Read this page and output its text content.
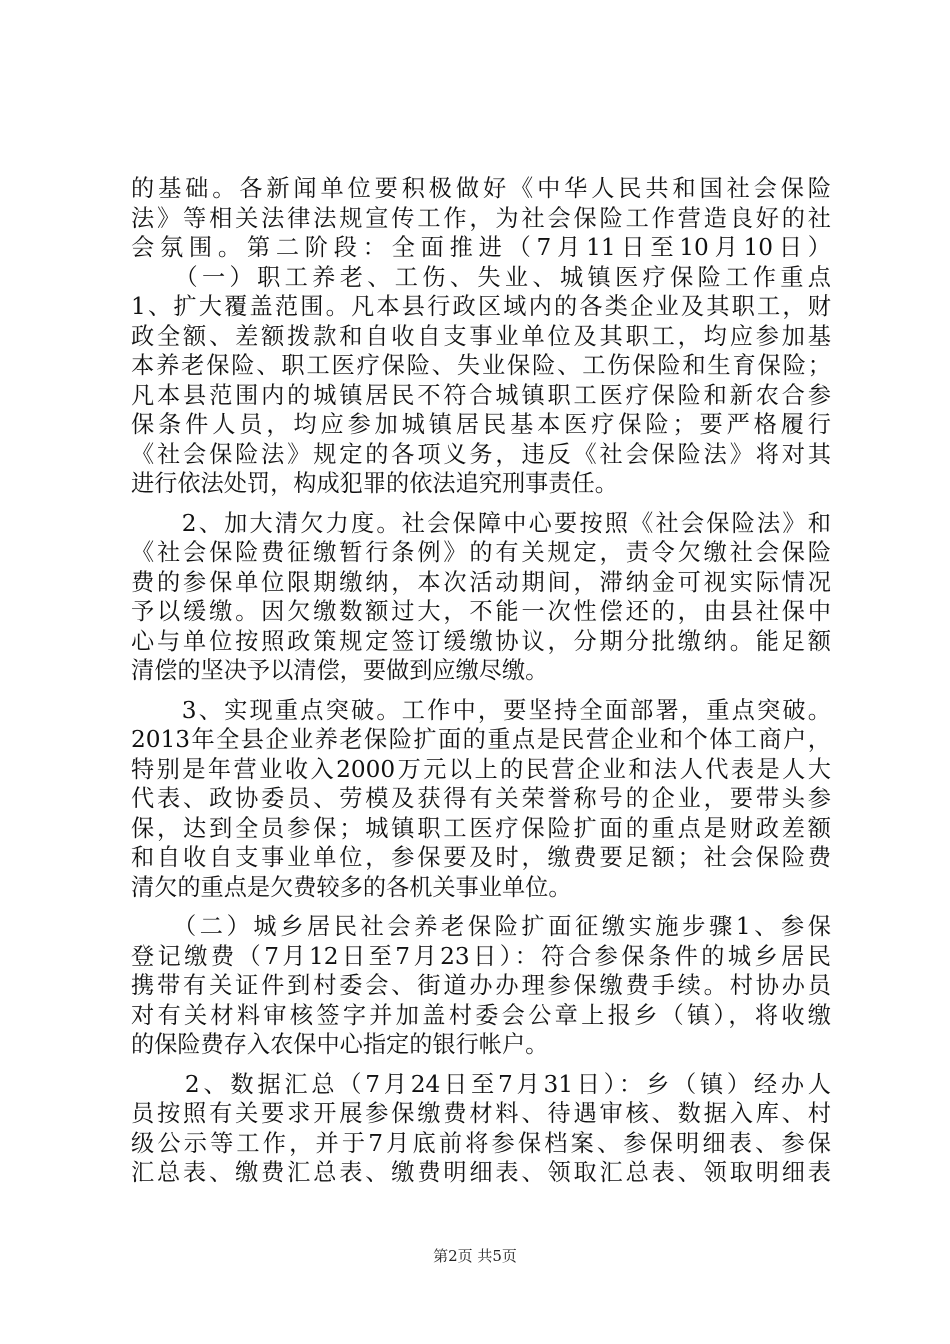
的基础。各新闻单位要积极做好《中华人民共和国社会保险
法》等相关法律法规宣传工作，为社会保险工作营造良好的社
会氛围。第二阶段：全面推进（7月11日至10月10日）
　　（一）职工养老、工伤、失业、城镇医疗保险工作重点
1、扩大覆盖范围。凡本县行政区域内的各类企业及其职工，财
政全额、差额拨款和自收自支事业单位及其职工，均应参加基
本养老保险、职工医疗保险、失业保险、工伤保险和生育保险；
凡本县范围内的城镇居民不符合城镇职工医疗保险和新农合参
保条件人员，均应参加城镇居民基本医疗保险；要严格履行
《社会保险法》规定的各项义务，违反《社会保险法》将对其
进行依法处罚，构成犯罪的依法追究刑事责任。
　　2、加大清欠力度。社会保障中心要按照《社会保险法》和
《社会保险费征缴暂行条例》的有关规定，责令欠缴社会保险
费的参保单位限期缴纳，本次活动期间，滞纳金可视实际情况
予以缓缴。因欠缴数额过大，不能一次性偿还的，由县社保中
心与单位按照政策规定签订缓缴协议，分期分批缴纳。能足额
清偿的坚决予以清偿，要做到应缴尽缴。
　　3、实现重点突破。工作中，要坚持全面部署，重点突破。
2013年全县企业养老保险扩面的重点是民营企业和个体工商户，
特别是年营业收入2000万元以上的民营企业和法人代表是人大
代表、政协委员、劳模及获得有关荣誉称号的企业，要带头参
保，达到全员参保；城镇职工医疗保险扩面的重点是财政差额
和自收自支事业单位，参保要及时，缴费要足额；社会保险费
清欠的重点是欠费较多的各机关事业单位。
　　（二）城乡居民社会养老保险扩面征缴实施步骤1、参保
登记缴费（7月12日至7月23日）：符合参保条件的城乡居民
携带有关证件到村委会、街道办办理参保缴费手续。村协办员
对有关材料审核签字并加盖村委会公章上报乡（镇），将收缴
的保险费存入农保中心指定的银行帐户。
　　2、数据汇总（7月24日至7月31日）：乡（镇）经办人
员按照有关要求开展参保缴费材料、待遇审核、数据入库、村
级公示等工作，并于7月底前将参保档案、参保明细表、参保
汇总表、缴费汇总表、缴费明细表、领取汇总表、领取明细表
第2页 共5页
